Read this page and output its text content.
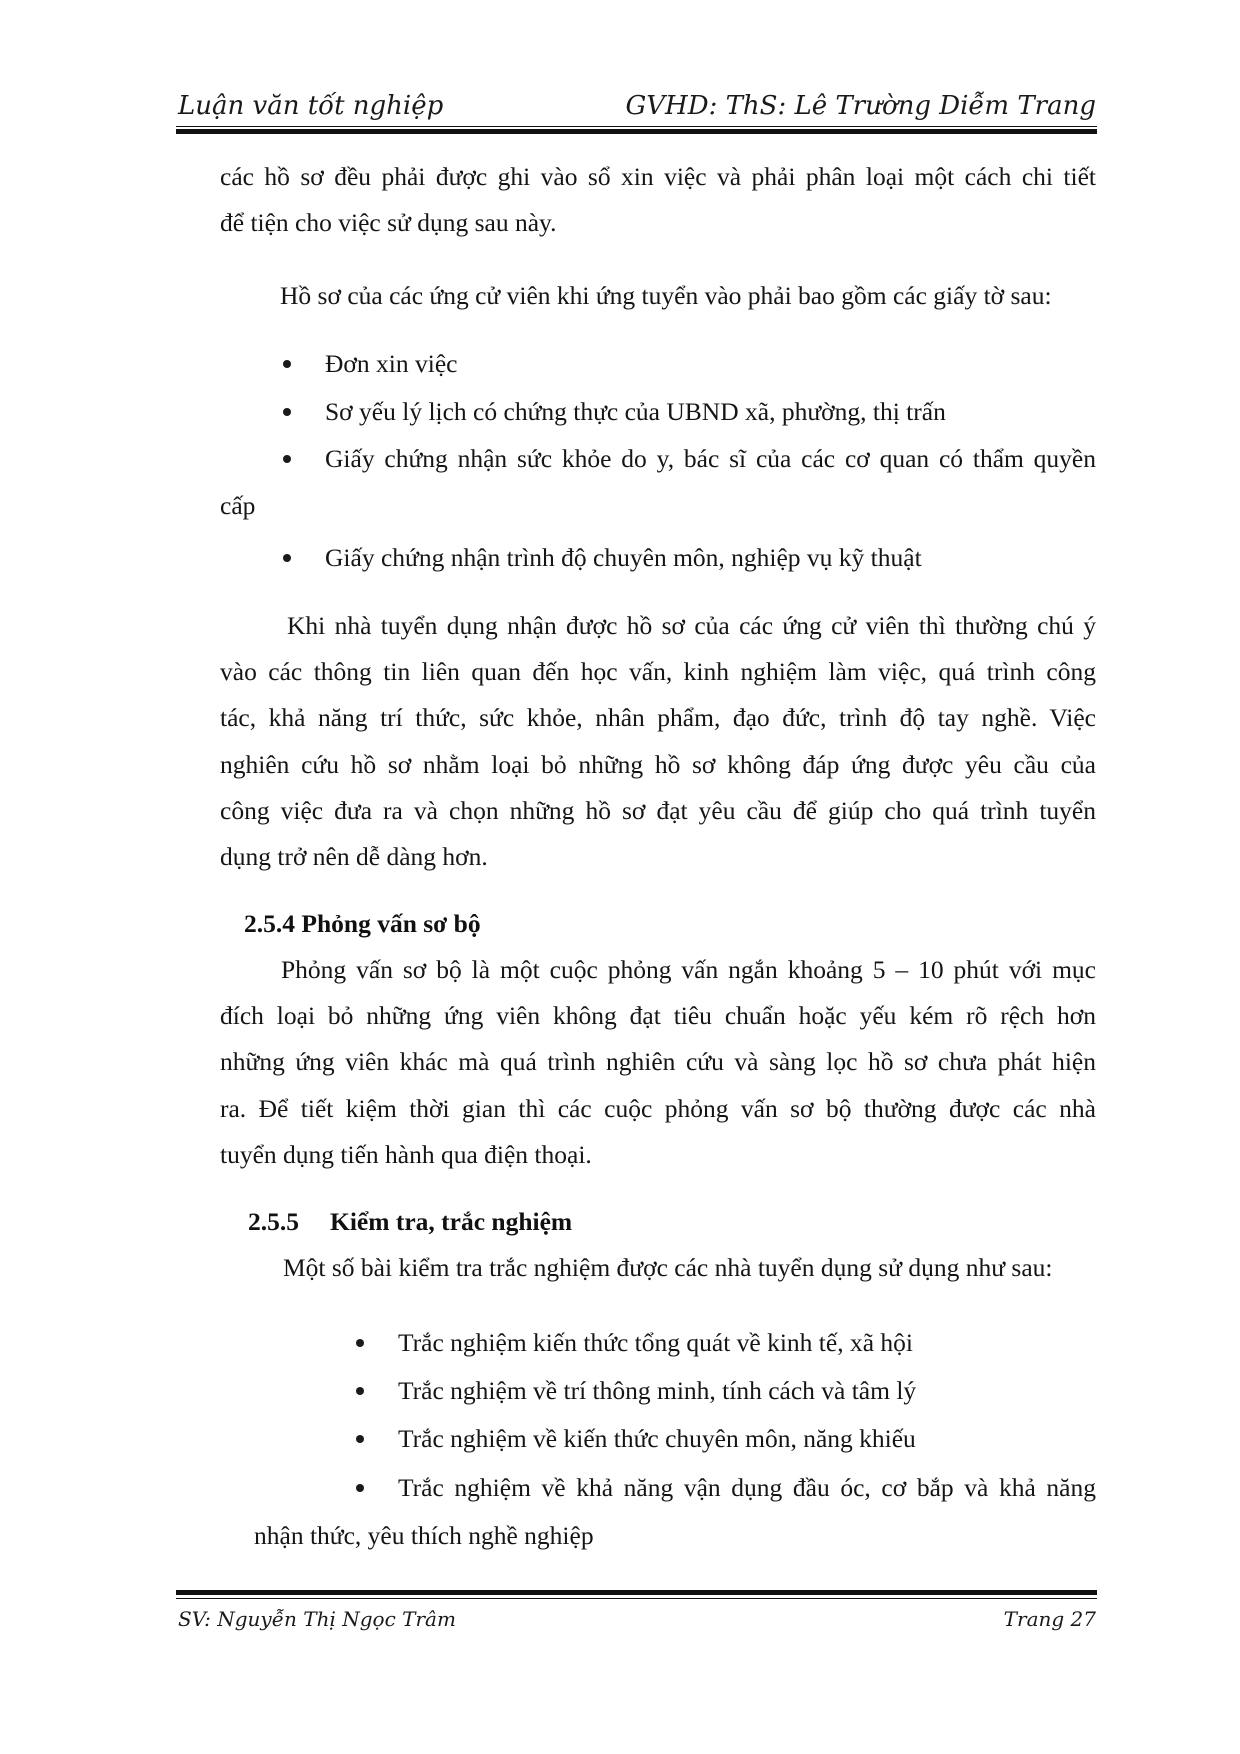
Luận văn tốt nghiệp	GVHD: ThS: Lê Trường Diễm Trang
các hồ sơ đều phải được ghi vào sổ xin việc và phải phân loại một cách chi tiết
để tiện cho việc sử dụng sau này.
Hồ sơ của các ứng cử viên khi ứng tuyển vào phải bao gồm các giấy tờ sau:
Đơn xin việc
Sơ yếu lý lịch có chứng thực của UBND xã, phường, thị trấn
Giấy chứng nhận sức khỏe do y, bác sĩ của các cơ quan có thẩm quyền
cấp
Giấy chứng nhận trình độ chuyên môn, nghiệp vụ kỹ thuật
Khi nhà tuyển dụng nhận được hồ sơ của các ứng cử viên thì thường chú ý
vào các thông tin liên quan đến học vấn, kinh nghiệm làm việc, quá trình công
tác, khả năng trí thức, sức khỏe, nhân phẩm, đạo đức, trình độ tay nghề. Việc
nghiên cứu hồ sơ nhằm loại bỏ những hồ sơ không đáp ứng được yêu cầu của
công việc đưa ra và chọn những hồ sơ đạt yêu cầu để giúp cho quá trình tuyển
dụng trở nên dễ dàng hơn.
2.5.4 Phỏng vấn sơ bộ
Phỏng vấn sơ bộ là một cuộc phỏng vấn ngắn khoảng 5 – 10 phút với mục
đích loại bỏ những ứng viên không đạt tiêu chuẩn hoặc yếu kém rõ rệch hơn
những ứng viên khác mà quá trình nghiên cứu và sàng lọc hồ sơ chưa phát hiện
ra. Để tiết kiệm thời gian thì các cuộc phỏng vấn sơ bộ thường được các nhà
tuyển dụng tiến hành qua điện thoại.
2.5.5 Kiểm tra, trắc nghiệm
Một số bài kiểm tra trắc nghiệm được các nhà tuyển dụng sử dụng như sau:
Trắc nghiệm kiến thức tổng quát về kinh tế, xã hội
Trắc nghiệm về trí thông minh, tính cách và tâm lý
Trắc nghiệm về kiến thức chuyên môn, năng khiếu
Trắc nghiệm về khả năng vận dụng đầu óc, cơ bắp và khả năng
nhận thức, yêu thích nghề nghiệp
SV: Nguyễn Thị Ngọc Trâm	Trang 27
